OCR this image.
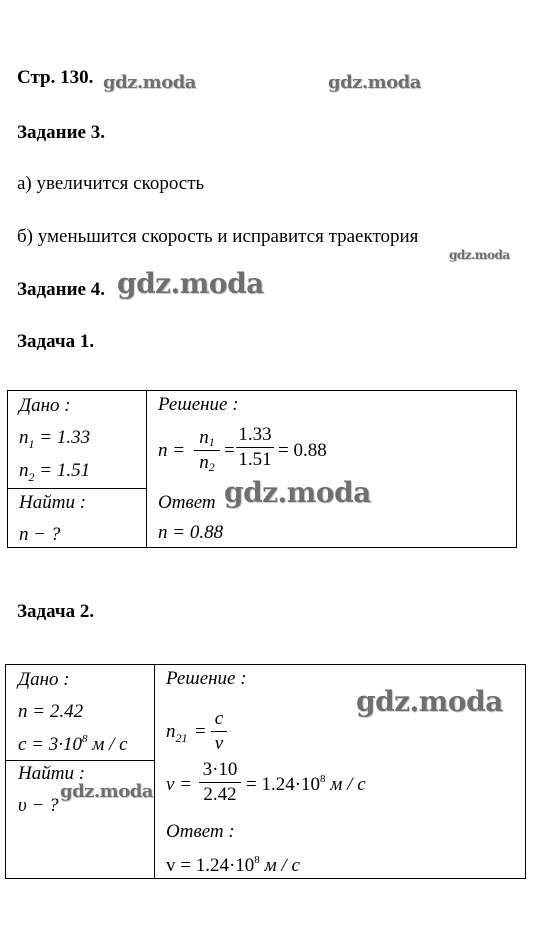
Стр. 130. gdz.moda	gdz.moda
Задание 3.
а) увеличится скорость
б) уменьшится скорость и исправится траектория
gdz.moda
Задание 4. gdz.moda
Задача 1.
Дано :
$n_1 = 1.33$
$n_2 = 1.51$
Найти :
n − ?
Решение :
n =
n1
n2
=
1.33
1.51 = 0.88
Ответ
n = 0.88
gdz.moda
Задача 2.
Дано :
n = 2.42
$c = 3\cdot 10^8$ м / с
Найти :
υ − ?
Решение :
$n_{21}$ =
c
v
v =
3·10
$2.42 = 1.24\cdot 10^8$ м / с
Ответ :
$v = 1.24\cdot 10^8$ м / с
gdz.moda
gdz.moda
